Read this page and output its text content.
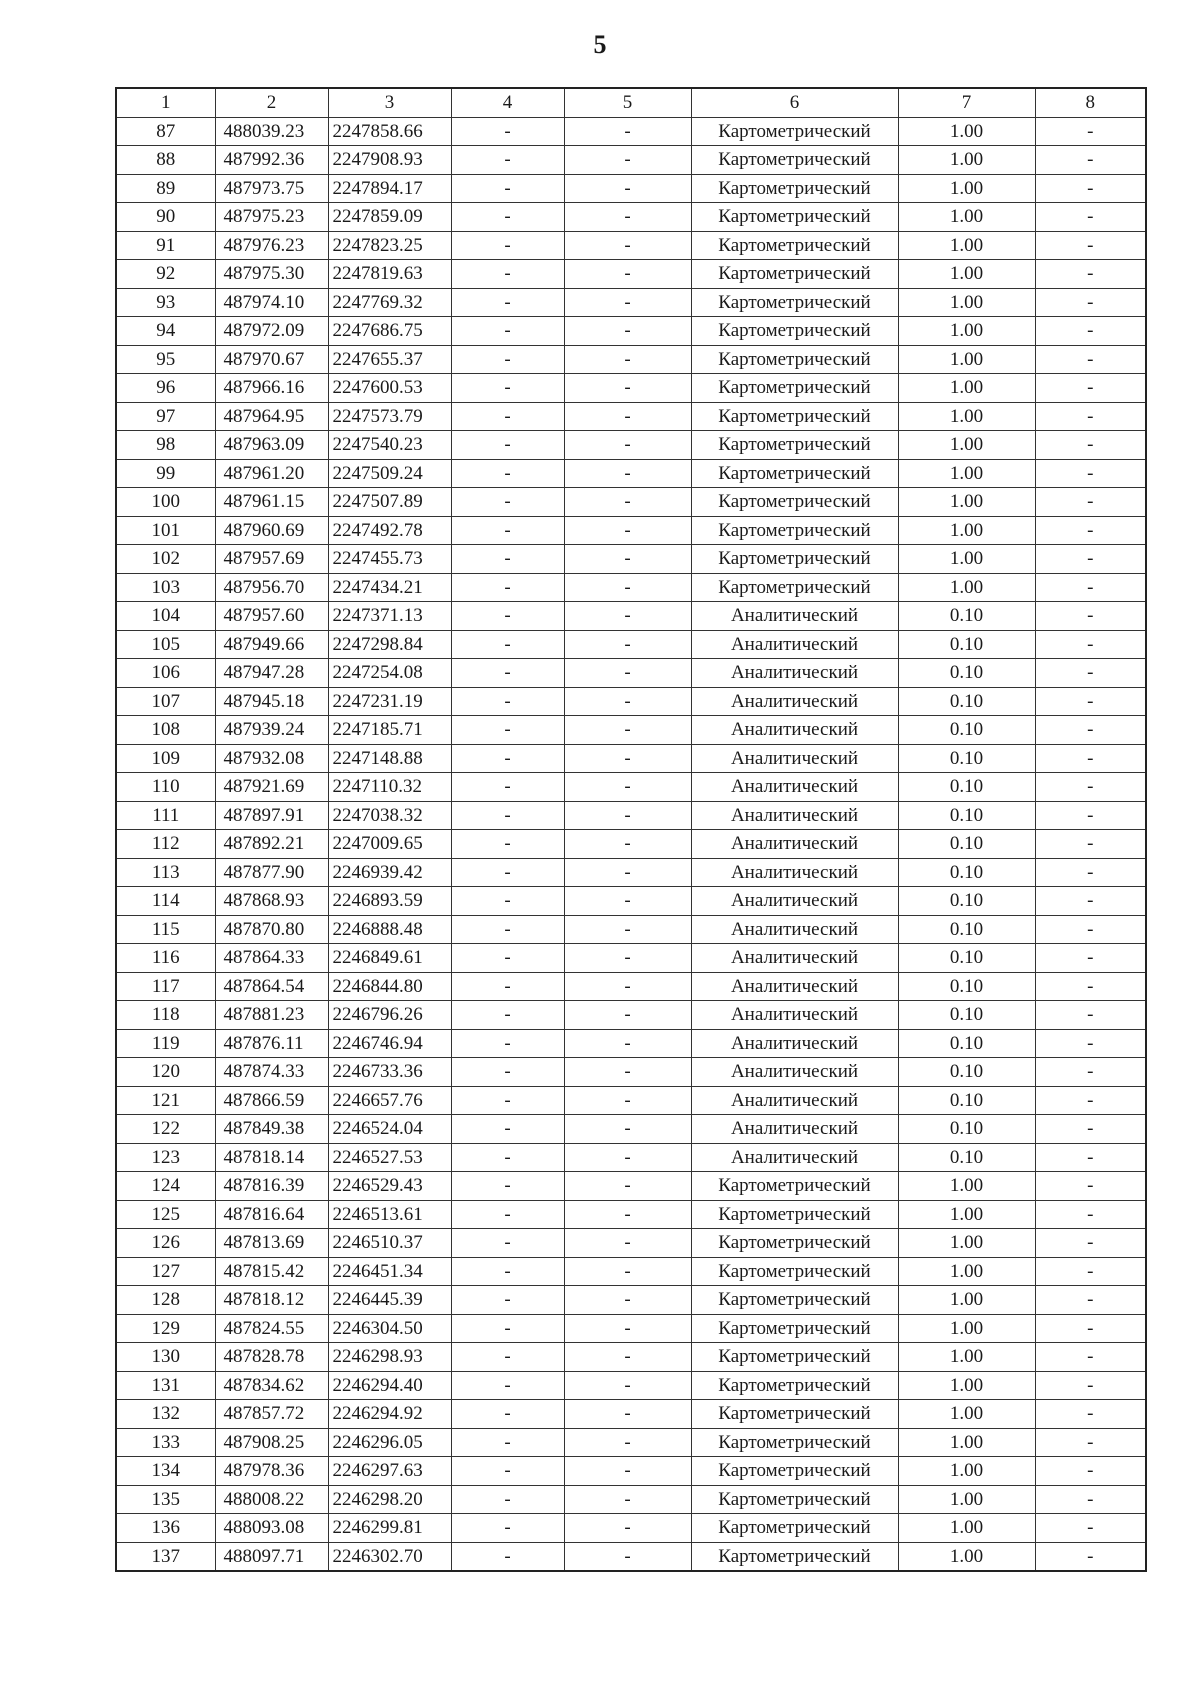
5
1	2	3	4	5	6	7	8
87	488039.23	2247858.66	-	-	Картометрический	1.00	-
88	487992.36	2247908.93	-	-	Картометрический	1.00	-
89	487973.75	2247894.17	-	-	Картометрический	1.00	-
90	487975.23	2247859.09	-	-	Картометрический	1.00	-
91	487976.23	2247823.25	-	-	Картометрический	1.00	-
92	487975.30	2247819.63	-	-	Картометрический	1.00	-
93	487974.10	2247769.32	-	-	Картометрический	1.00	-
94	487972.09	2247686.75	-	-	Картометрический	1.00	-
95	487970.67	2247655.37	-	-	Картометрический	1.00	-
96	487966.16	2247600.53	-	-	Картометрический	1.00	-
97	487964.95	2247573.79	-	-	Картометрический	1.00	-
98	487963.09	2247540.23	-	-	Картометрический	1.00	-
99	487961.20	2247509.24	-	-	Картометрический	1.00	-
100	487961.15	2247507.89	-	-	Картометрический	1.00	-
101	487960.69	2247492.78	-	-	Картометрический	1.00	-
102	487957.69	2247455.73	-	-	Картометрический	1.00	-
103	487956.70	2247434.21	-	-	Картометрический	1.00	-
104	487957.60	2247371.13	-	-	Аналитический	0.10	-
105	487949.66	2247298.84	-	-	Аналитический	0.10	-
106	487947.28	2247254.08	-	-	Аналитический	0.10	-
107	487945.18	2247231.19	-	-	Аналитический	0.10	-
108	487939.24	2247185.71	-	-	Аналитический	0.10	-
109	487932.08	2247148.88	-	-	Аналитический	0.10	-
110	487921.69	2247110.32	-	-	Аналитический	0.10	-
111	487897.91	2247038.32	-	-	Аналитический	0.10	-
112	487892.21	2247009.65	-	-	Аналитический	0.10	-
113	487877.90	2246939.42	-	-	Аналитический	0.10	-
114	487868.93	2246893.59	-	-	Аналитический	0.10	-
115	487870.80	2246888.48	-	-	Аналитический	0.10	-
116	487864.33	2246849.61	-	-	Аналитический	0.10	-
117	487864.54	2246844.80	-	-	Аналитический	0.10	-
118	487881.23	2246796.26	-	-	Аналитический	0.10	-
119	487876.11	2246746.94	-	-	Аналитический	0.10	-
120	487874.33	2246733.36	-	-	Аналитический	0.10	-
121	487866.59	2246657.76	-	-	Аналитический	0.10	-
122	487849.38	2246524.04	-	-	Аналитический	0.10	-
123	487818.14	2246527.53	-	-	Аналитический	0.10	-
124	487816.39	2246529.43	-	-	Картометрический	1.00	-
125	487816.64	2246513.61	-	-	Картометрический	1.00	-
126	487813.69	2246510.37	-	-	Картометрический	1.00	-
127	487815.42	2246451.34	-	-	Картометрический	1.00	-
128	487818.12	2246445.39	-	-	Картометрический	1.00	-
129	487824.55	2246304.50	-	-	Картометрический	1.00	-
130	487828.78	2246298.93	-	-	Картометрический	1.00	-
131	487834.62	2246294.40	-	-	Картометрический	1.00	-
132	487857.72	2246294.92	-	-	Картометрический	1.00	-
133	487908.25	2246296.05	-	-	Картометрический	1.00	-
134	487978.36	2246297.63	-	-	Картометрический	1.00	-
135	488008.22	2246298.20	-	-	Картометрический	1.00	-
136	488093.08	2246299.81	-	-	Картометрический	1.00	-
137	488097.71	2246302.70	-	-	Картометрический	1.00	-
